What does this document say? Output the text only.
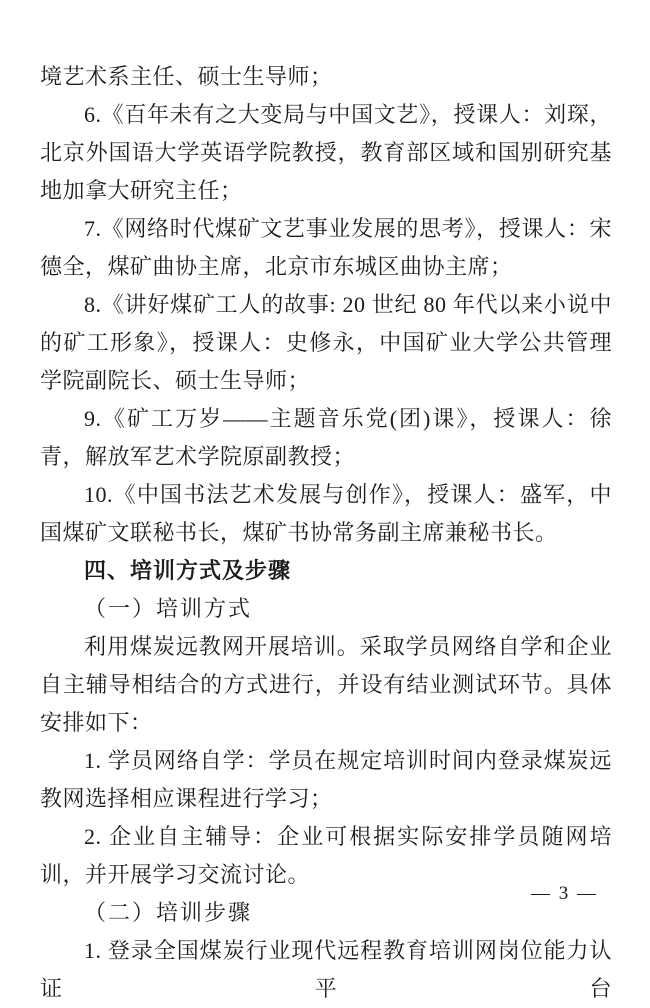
境艺术系主任、硕士生导师；

6.《百年未有之大变局与中国文艺》，授课人：刘琛，北京外国语大学英语学院教授，教育部区域和国别研究基地加拿大研究主任；

7.《网络时代煤矿文艺事业发展的思考》，授课人：宋德全，煤矿曲协主席，北京市东城区曲协主席；

8.《讲好煤矿工人的故事: 20 世纪 80 年代以来小说中的矿工形象》，授课人：史修永，中国矿业大学公共管理学院副院长、硕士生导师；

9.《矿工万岁——主题音乐党(团)课》，授课人：徐青，解放军艺术学院原副教授；

10.《中国书法艺术发展与创作》，授课人：盛军，中国煤矿文联秘书长，煤矿书协常务副主席兼秘书长。

四、培训方式及步骤

（一）培训方式

利用煤炭远教网开展培训。采取学员网络自学和企业自主辅导相结合的方式进行，并设有结业测试环节。具体安排如下：

1. 学员网络自学：学员在规定培训时间内登录煤炭远教网选择相应课程进行学习；

2. 企业自主辅导：企业可根据实际安排学员随网培训，并开展学习交流讨论。

（二）培训步骤

1. 登录全国煤炭行业现代远程教育培训网岗位能力认证平台

— 3 —
